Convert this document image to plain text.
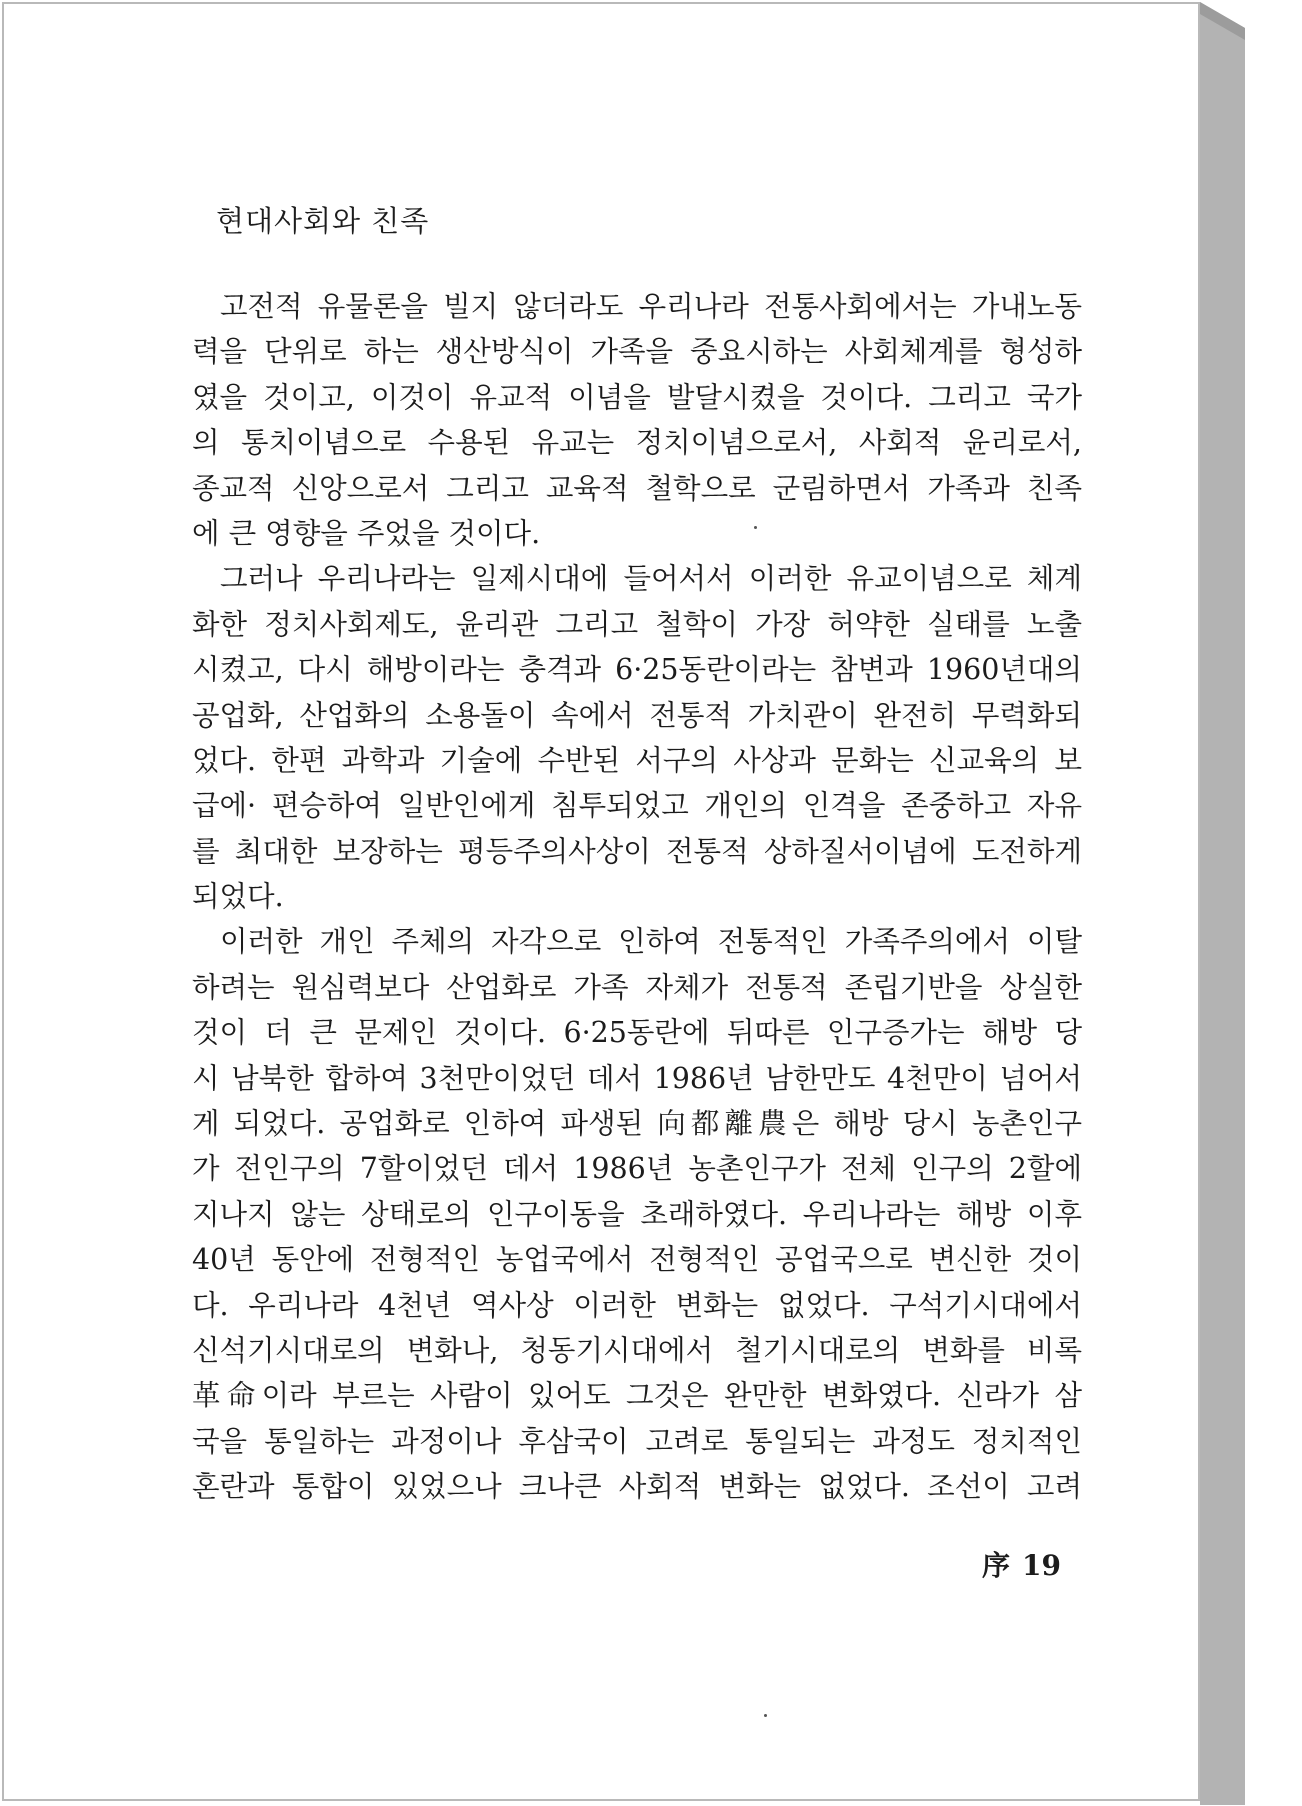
현대사회와 친족
고전적 유물론을 빌지 않더라도 우리나라 전통사회에서는 가내노동
력을 단위로 하는 생산방식이 가족을 중요시하는 사회체계를 형성하
였을 것이고, 이것이 유교적 이념을 발달시켰을 것이다. 그리고 국가
의 통치이념으로 수용된 유교는 정치이념으로서, 사회적 윤리로서,
종교적 신앙으로서 그리고 교육적 철학으로 군림하면서 가족과 친족
에 큰 영향을 주었을 것이다.
그러나 우리나라는 일제시대에 들어서서 이러한 유교이념으로 체계
화한 정치사회제도, 윤리관 그리고 철학이 가장 허약한 실태를 노출
시켰고, 다시 해방이라는 충격과 6·25동란이라는 참변과 1960년대의
공업화, 산업화의 소용돌이 속에서 전통적 가치관이 완전히 무력화되
었다. 한편 과학과 기술에 수반된 서구의 사상과 문화는 신교육의 보
급에· 편승하여 일반인에게 침투되었고 개인의 인격을 존중하고 자유
를 최대한 보장하는 평등주의사상이 전통적 상하질서이념에 도전하게
되었다.
이러한 개인 주체의 자각으로 인하여 전통적인 가족주의에서 이탈
하려는 원심력보다 산업화로 가족 자체가 전통적 존립기반을 상실한
것이 더 큰 문제인 것이다. 6·25동란에 뒤따른 인구증가는 해방 당
시 남북한 합하여 3천만이었던 데서 1986년 남한만도 4천만이 넘어서
게 되었다. 공업화로 인하여 파생된 向都離農은 해방 당시 농촌인구
가 전인구의 7할이었던 데서 1986년 농촌인구가 전체 인구의 2할에
지나지 않는 상태로의 인구이동을 초래하였다. 우리나라는 해방 이후
40년 동안에 전형적인 농업국에서 전형적인 공업국으로 변신한 것이
다. 우리나라 4천년 역사상 이러한 변화는 없었다. 구석기시대에서
신석기시대로의 변화나, 청동기시대에서 철기시대로의 변화를 비록
革命이라 부르는 사람이 있어도 그것은 완만한 변화였다. 신라가 삼
국을 통일하는 과정이나 후삼국이 고려로 통일되는 과정도 정치적인
혼란과 통합이 있었으나 크나큰 사회적 변화는 없었다. 조선이 고려
序 19
